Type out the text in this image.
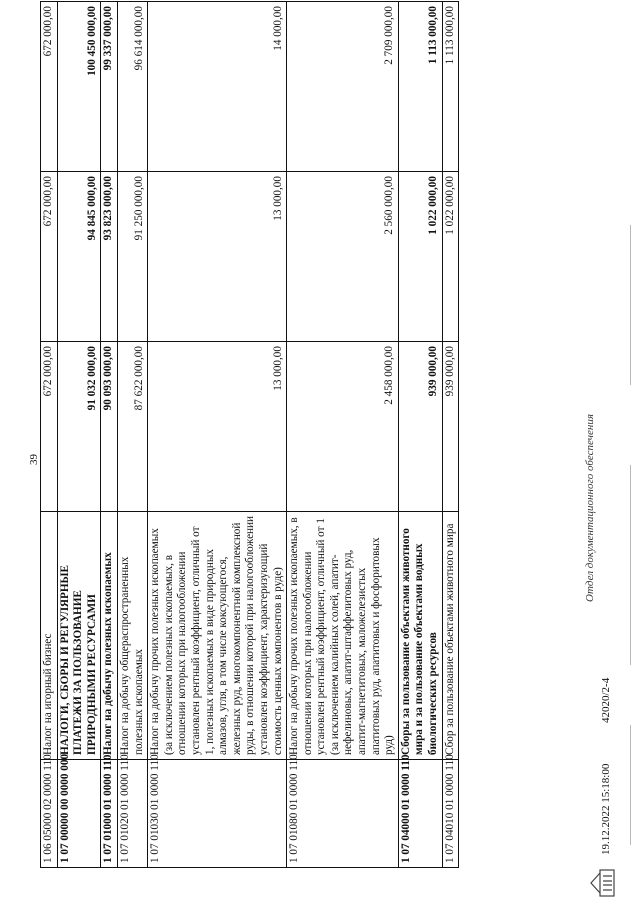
39
1 06 05000 02 0000 110	Налог на игорный бизнес	672 000,00	672 000,00	672 000,00
1 07 00000 00 0000 000	НАЛОГИ, СБОРЫ И РЕГУЛЯРНЫЕ ПЛАТЕЖИ ЗА ПОЛЬЗОВАНИЕ ПРИРОДНЫМИ РЕСУРСАМИ	91 032 000,00	94 845 000,00	100 450 000,00
1 07 01000 01 0000 110	Налог на добычу полезных ископаемых	90 093 000,00	93 823 000,00	99 337 000,00
1 07 01020 01 0000 110	Налог на добычу общераспространенных полезных ископаемых	87 622 000,00	91 250 000,00	96 614 000,00
1 07 01030 01 0000 110	Налог на добычу прочих полезных ископаемых (за исключением полезных ископаемых, в отношении которых при налогообложении установлен рентный коэффициент, отличный от 1, полезных ископаемых в виде природных алмазов, угля, в том числе коксующегося, железных руд, многокомпонентной комплексной руды, в отношении которой при налогообложении установлен коэффициент, характеризующий стоимость ценных компонентов в руде)	13 000,00	13 000,00	14 000,00
1 07 01080 01 0000 110	Налог на добычу прочих полезных ископаемых, в отношении которых при налогообложении установлен рентный коэффициент, отличный от 1 (за исключением калийных солей, апатит-нефелиновых, апатит-штаффелитовых руд, апатит-магнетитовых, маложелезистых апатитовых руд, апатитовых и фосфоритовых руд)	2 458 000,00	2 560 000,00	2 709 000,00
1 07 04000 01 0000 110	Сборы за пользование объектами животного мира и за пользование объектами водных биологических ресурсов	939 000,00	1 022 000,00	1 113 000,00
1 07 04010 01 0000 110	Сбор за пользование объектами животного мира	939 000,00	1 022 000,00	1 113 000,00
19.12.2022 15:18:00
42020/2-4
Отдел документационного обеспечения
